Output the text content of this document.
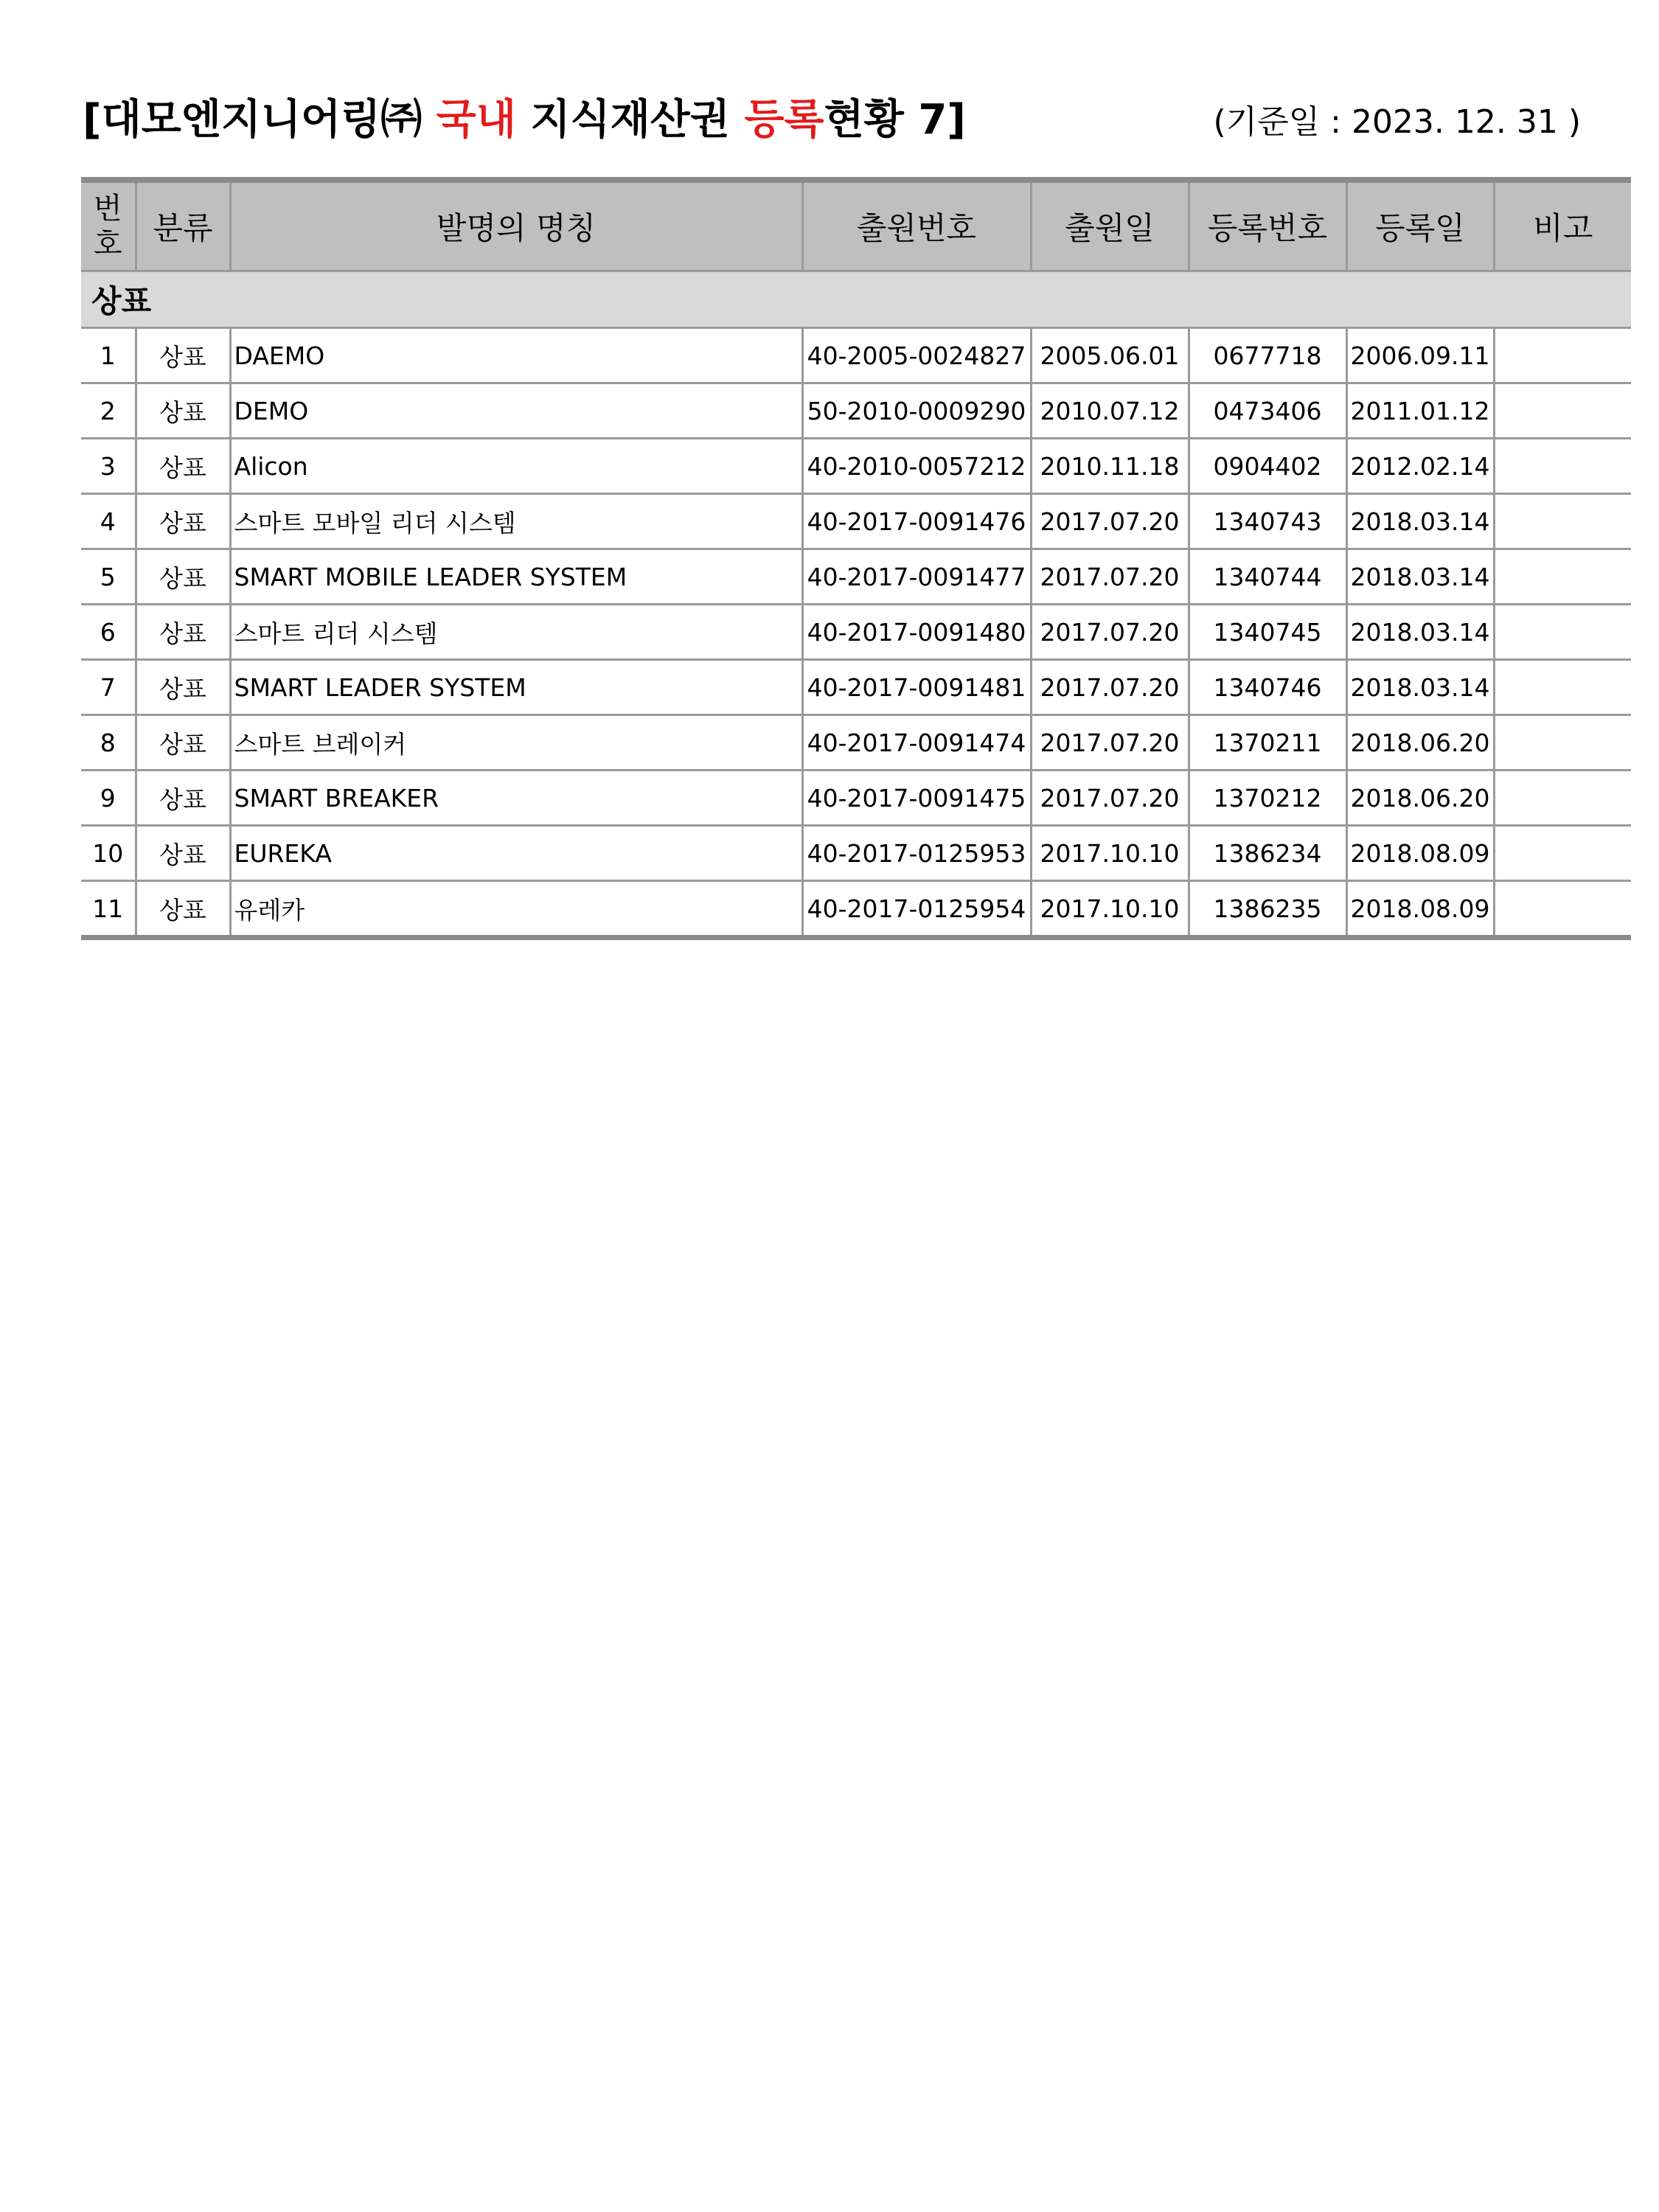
[대모엔지니어링㈜ 국내 지식재산권 등록현황 7]	(기준일 : 2023. 12. 31 )
번
호	분류	발명의 명칭	출원번호	출원일	등록번호	등록일	비고
상표							
1	상표	DAEMO	40-2005-0024827	2005.06.01	0677718	2006.09.11	
2	상표	DEMO	50-2010-0009290	2010.07.12	0473406	2011.01.12	
3	상표	Alicon	40-2010-0057212	2010.11.18	0904402	2012.02.14	
4	상표	스마트 모바일 리더 시스템	40-2017-0091476	2017.07.20	1340743	2018.03.14	
5	상표	SMART MOBILE LEADER SYSTEM	40-2017-0091477	2017.07.20	1340744	2018.03.14	
6	상표	스마트 리더 시스템	40-2017-0091480	2017.07.20	1340745	2018.03.14	
7	상표	SMART LEADER SYSTEM	40-2017-0091481	2017.07.20	1340746	2018.03.14	
8	상표	스마트 브레이커	40-2017-0091474	2017.07.20	1370211	2018.06.20	
9	상표	SMART BREAKER	40-2017-0091475	2017.07.20	1370212	2018.06.20	
10	상표	EUREKA	40-2017-0125953	2017.10.10	1386234	2018.08.09	
11	상표	유레카	40-2017-0125954	2017.10.10	1386235	2018.08.09	
